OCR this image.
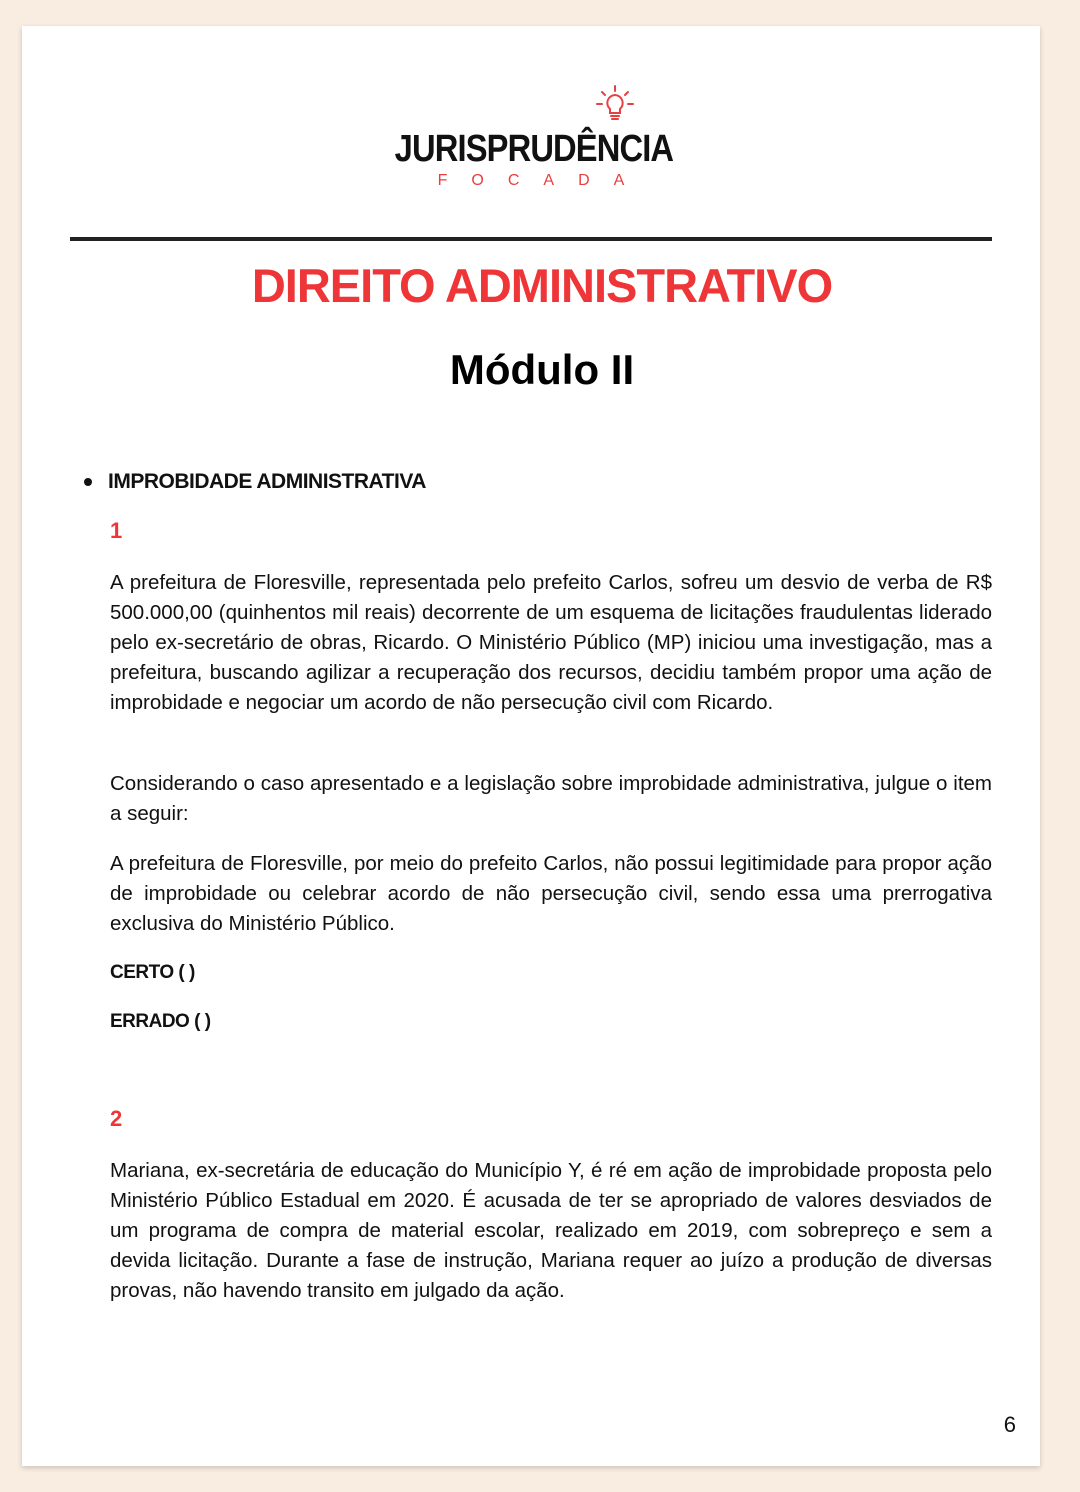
JURISPRUDÊNCIA
FOCADA
DIREITO ADMINISTRATIVO
Módulo II
IMPROBIDADE ADMINISTRATIVA
1

A prefeitura de Floresville, representada pelo prefeito Carlos, sofreu um desvio de verba de R$ 500.000,00 (quinhentos mil reais) decorrente de um esquema de licitações fraudulentas liderado pelo ex-secretário de obras, Ricardo. O Ministério Público (MP) iniciou uma investigação, mas a prefeitura, buscando agilizar a recuperação dos recursos, decidiu também propor uma ação de improbidade e negociar um acordo de não persecução civil com Ricardo.

Considerando o caso apresentado e a legislação sobre improbidade administrativa, julgue o item a seguir:

A prefeitura de Floresville, por meio do prefeito Carlos, não possui legitimidade para propor ação de improbidade ou celebrar acordo de não persecução civil, sendo essa uma prerrogativa exclusiva do Ministério Público.

CERTO ( )
ERRADO ( )
2

Mariana, ex-secretária de educação do Município Y, é ré em ação de improbidade proposta pelo Ministério Público Estadual em 2020. É acusada de ter se apropriado de valores desviados de um programa de compra de material escolar, realizado em 2019, com sobrepreço e sem a devida licitação. Durante a fase de instrução, Mariana requer ao juízo a produção de diversas provas, não havendo transito em julgado da ação.

6
